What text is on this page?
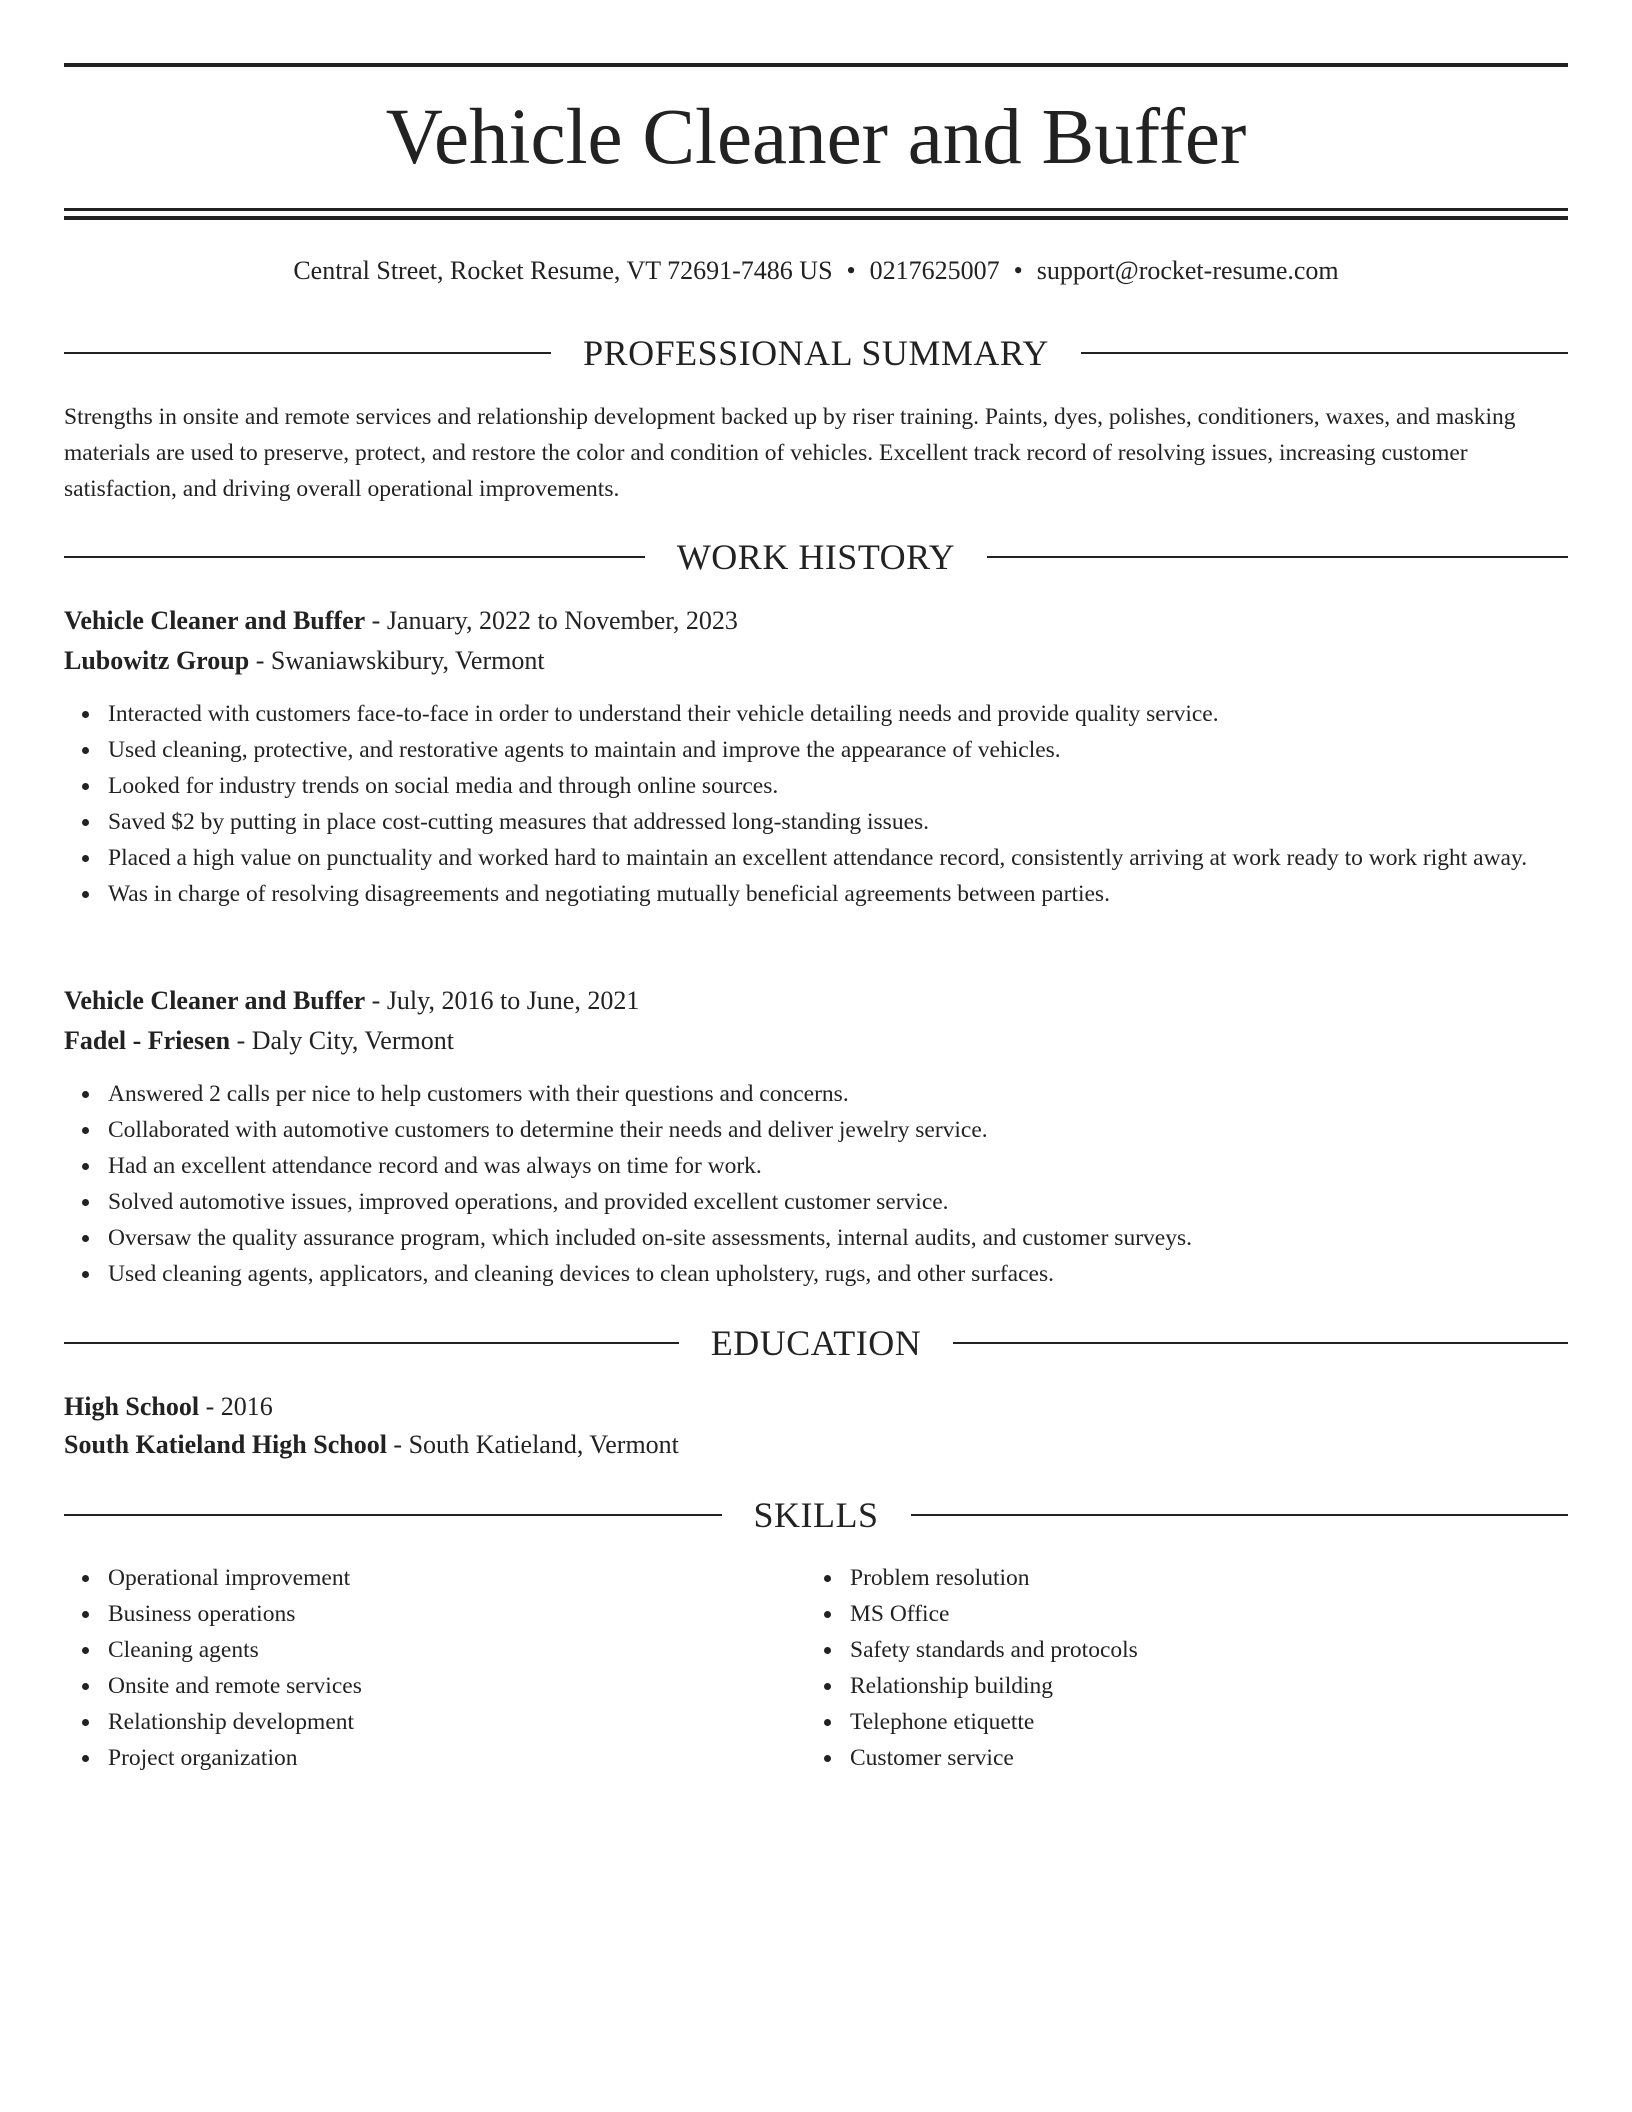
Vehicle Cleaner and Buffer
Central Street, Rocket Resume, VT 72691-7486 US • 0217625007 • support@rocket-resume.com
PROFESSIONAL SUMMARY
Strengths in onsite and remote services and relationship development backed up by riser training. Paints, dyes, polishes, conditioners, waxes, and masking materials are used to preserve, protect, and restore the color and condition of vehicles. Excellent track record of resolving issues, increasing customer satisfaction, and driving overall operational improvements.
WORK HISTORY
Vehicle Cleaner and Buffer - January, 2022 to November, 2023
Lubowitz Group - Swaniawskibury, Vermont
Interacted with customers face-to-face in order to understand their vehicle detailing needs and provide quality service.
Used cleaning, protective, and restorative agents to maintain and improve the appearance of vehicles.
Looked for industry trends on social media and through online sources.
Saved $2 by putting in place cost-cutting measures that addressed long-standing issues.
Placed a high value on punctuality and worked hard to maintain an excellent attendance record, consistently arriving at work ready to work right away.
Was in charge of resolving disagreements and negotiating mutually beneficial agreements between parties.
Vehicle Cleaner and Buffer - July, 2016 to June, 2021
Fadel - Friesen - Daly City, Vermont
Answered 2 calls per nice to help customers with their questions and concerns.
Collaborated with automotive customers to determine their needs and deliver jewelry service.
Had an excellent attendance record and was always on time for work.
Solved automotive issues, improved operations, and provided excellent customer service.
Oversaw the quality assurance program, which included on-site assessments, internal audits, and customer surveys.
Used cleaning agents, applicators, and cleaning devices to clean upholstery, rugs, and other surfaces.
EDUCATION
High School - 2016
South Katieland High School - South Katieland, Vermont
SKILLS
Operational improvement
Business operations
Cleaning agents
Onsite and remote services
Relationship development
Project organization
Problem resolution
MS Office
Safety standards and protocols
Relationship building
Telephone etiquette
Customer service
